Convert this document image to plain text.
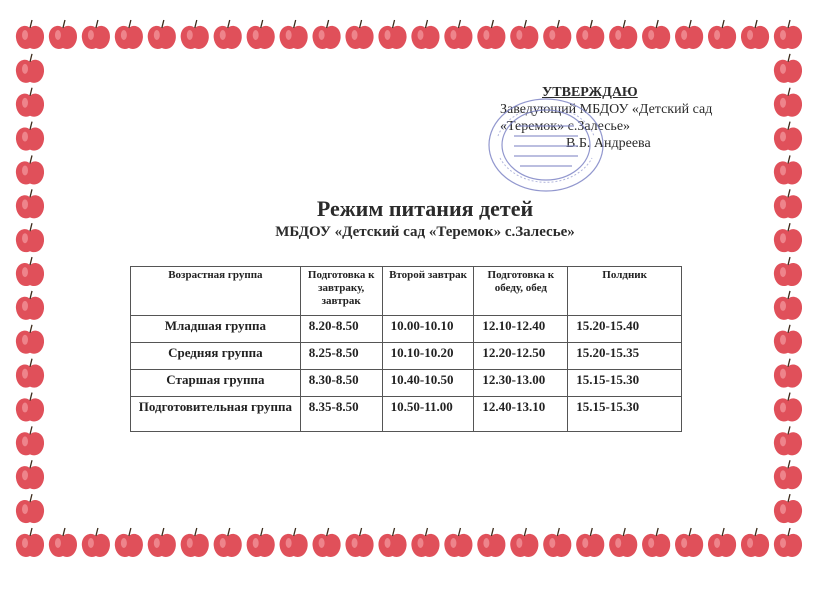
УТВЕРЖДАЮ
Заведующий МБДОУ «Детский сад
«Теремок» с.Залесье»
В.Б. Андреева
Режим питания детей
МБДОУ «Детский сад «Теремок» с.Залесье»
Возрастная группа	Подготовка к завтраку, завтрак	Второй завтрак	Подготовка к обеду, обед	Полдник
Младшая группа	8.20-8.50	10.00-10.10	12.10-12.40	15.20-15.40
Средняя группа	8.25-8.50	10.10-10.20	12.20-12.50	15.20-15.35
Старшая группа	8.30-8.50	10.40-10.50	12.30-13.00	15.15-15.30
Подготовительная группа	8.35-8.50	10.50-11.00	12.40-13.10	15.15-15.30
